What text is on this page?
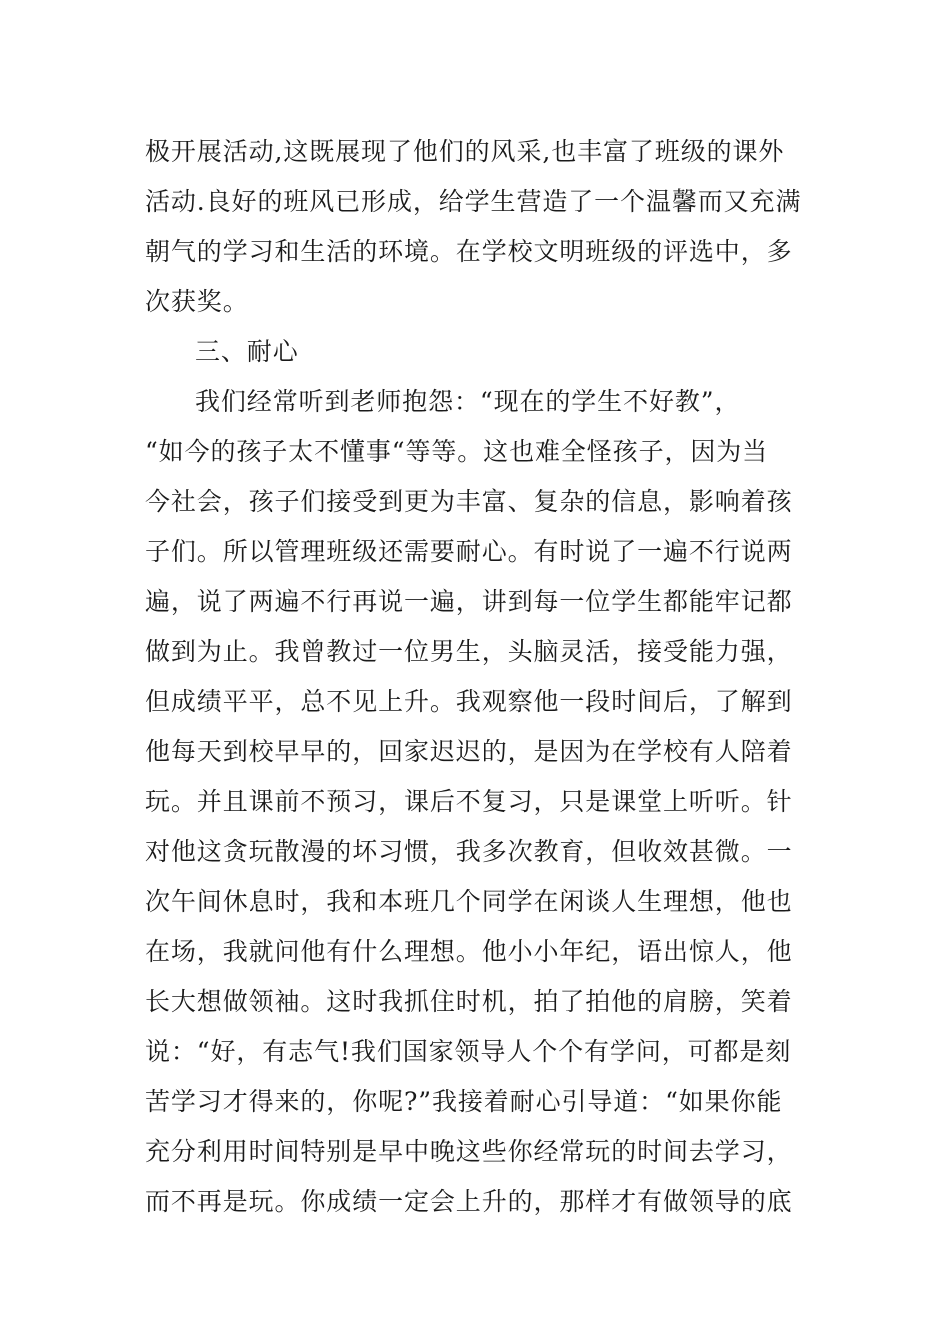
极开展活动,这既展现了他们的风采,也丰富了班级的课外
活动.良好的班风已形成，给学生营造了一个温馨而又充满
朝气的学习和生活的环境。在学校文明班级的评选中，多
次获奖。
三、耐心
我们经常听到老师抱怨：“现在的学生不好教”，
“如今的孩子太不懂事“等等。这也难全怪孩子，因为当
今社会，孩子们接受到更为丰富、复杂的信息，影响着孩
子们。所以管理班级还需要耐心。有时说了一遍不行说两
遍，说了两遍不行再说一遍，讲到每一位学生都能牢记都
做到为止。我曾教过一位男生，头脑灵活，接受能力强，
但成绩平平，总不见上升。我观察他一段时间后，了解到
他每天到校早早的，回家迟迟的，是因为在学校有人陪着
玩。并且课前不预习，课后不复习，只是课堂上听听。针
对他这贪玩散漫的坏习惯，我多次教育，但收效甚微。一
次午间休息时，我和本班几个同学在闲谈人生理想，他也
在场，我就问他有什么理想。他小小年纪，语出惊人，他
长大想做领袖。这时我抓住时机，拍了拍他的肩膀，笑着
说：“好，有志气!我们国家领导人个个有学问，可都是刻
苦学习才得来的，你呢?”我接着耐心引导道：“如果你能
充分利用时间特别是早中晚这些你经常玩的时间去学习，
而不再是玩。你成绩一定会上升的，那样才有做领导的底
